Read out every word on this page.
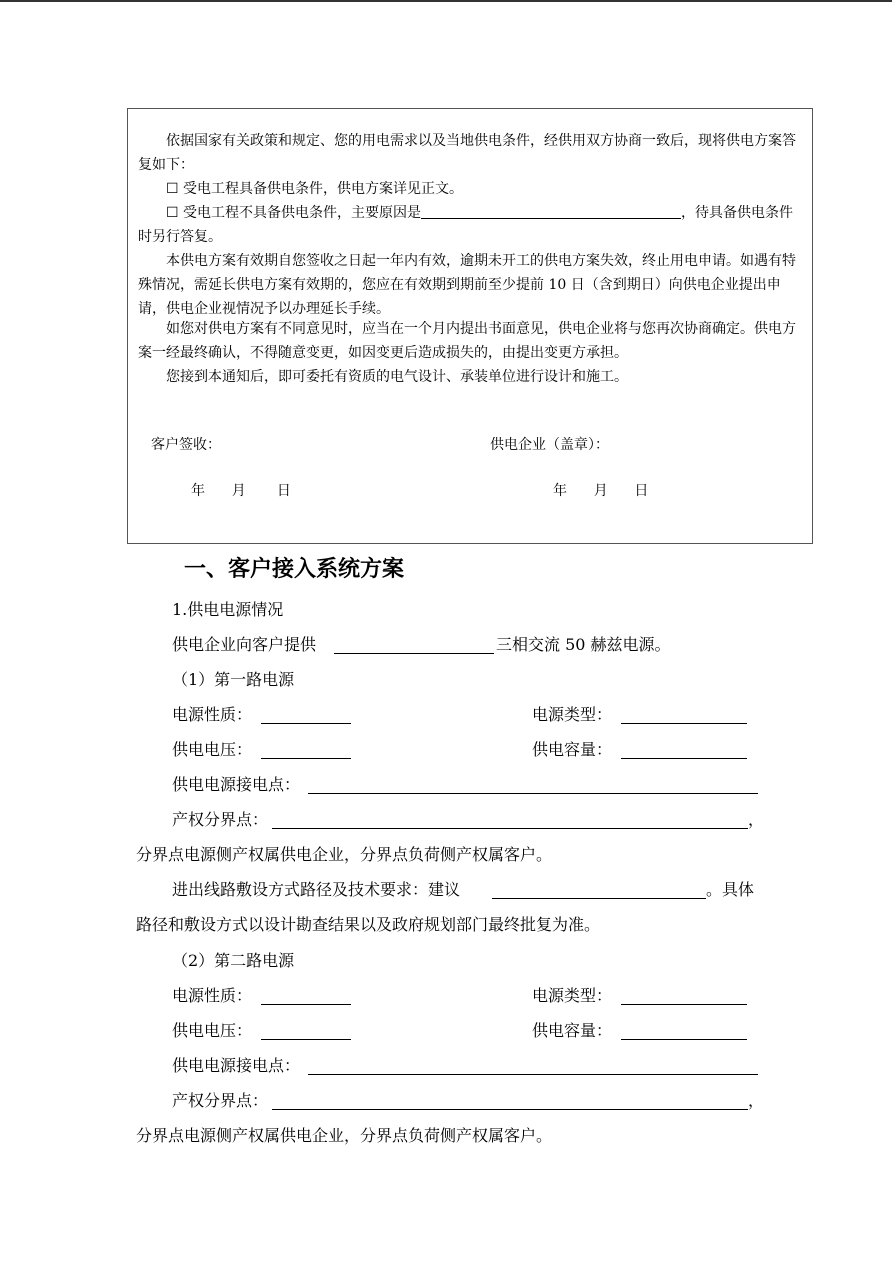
依据国家有关政策和规定、您的用电需求以及当地供电条件，经供用双方协商一致后，现将供电方案答复如下：

☐ 受电工程具备供电条件，供电方案详见正文。

☐ 受电工程不具备供电条件，主要原因是	，待具备供电条件时另行答复。

本供电方案有效期自您签收之日起一年内有效，逾期未开工的供电方案失效，终止用电申请。如遇有特殊情况，需延长供电方案有效期的，您应在有效期到期前至少提前 10 日（含到期日）向供电企业提出申请，供电企业视情况予以办理延长手续。

如您对供电方案有不同意见时，应当在一个月内提出书面意见，供电企业将与您再次协商确定。供电方案一经最终确认，不得随意变更，如因变更后造成损失的，由提出变更方承担。

您接到本通知后，即可委托有资质的电气设计、承装单位进行设计和施工。

客户签收：	供电企业（盖章）：
年      月       日	年      月      日
一、客户接入系统方案
1.供电电源情况
供电企业向客户提供	三相交流 50 赫兹电源。
（1）第一路电源
电源性质：	电源类型：
供电电压：	供电容量：
供电电源接电点：
产权分界点：	，
分界点电源侧产权属供电企业，分界点负荷侧产权属客户。
进出线路敷设方式路径及技术要求：建议	。具体
路径和敷设方式以设计勘查结果以及政府规划部门最终批复为准。
（2）第二路电源
电源性质：	电源类型：
供电电压：	供电容量：
供电电源接电点：
产权分界点：	，
分界点电源侧产权属供电企业，分界点负荷侧产权属客户。
